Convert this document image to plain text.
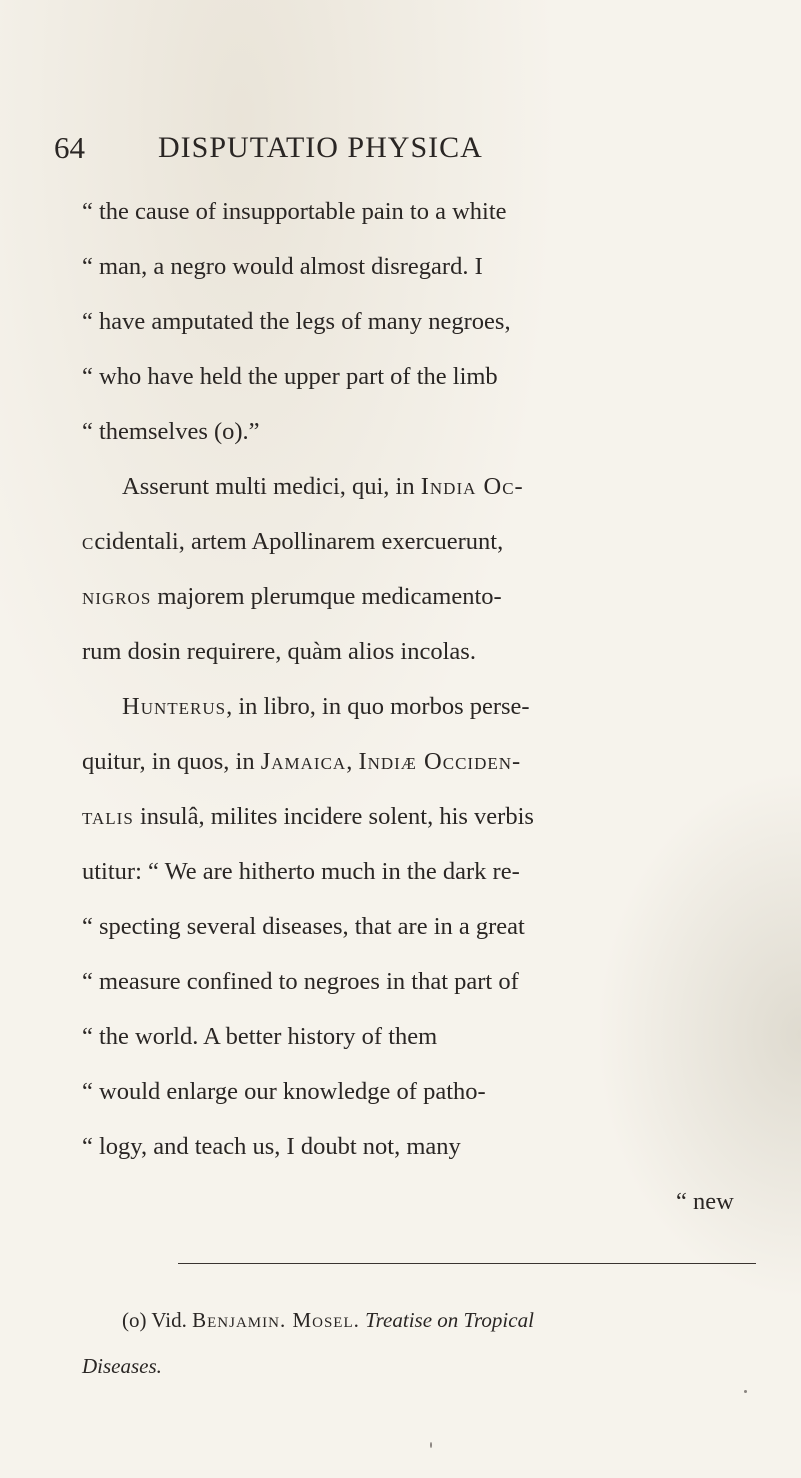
64 DISPUTATIO PHYSICA
“ the cause of insupportable pain to a white
“ man, a negro would almost disregard. I
“ have amputated the legs of many negroes,
“ who have held the upper part of the limb
“ themselves (o).”
Asserunt multi medici, qui, in India Oc-
ccidentali, artem Apollinarem exercuerunt,
nigros majorem plerumque medicamento-
rum dosin requirere, quàm alios incolas.
Hunterus, in libro, in quo morbos perse-
quitur, in quos, in Jamaica, Indiæ Occiden-
talis insulâ, milites incidere solent, his verbis
utitur: “ We are hitherto much in the dark re-
“ specting several diseases, that are in a great
“ measure confined to negroes in that part of
“ the world. A better history of them
“ would enlarge our knowledge of patho-
“ logy, and teach us, I doubt not, many
“ new
(o) Vid. Benjamin. Mosel. Treatise on Tropical
Diseases.
